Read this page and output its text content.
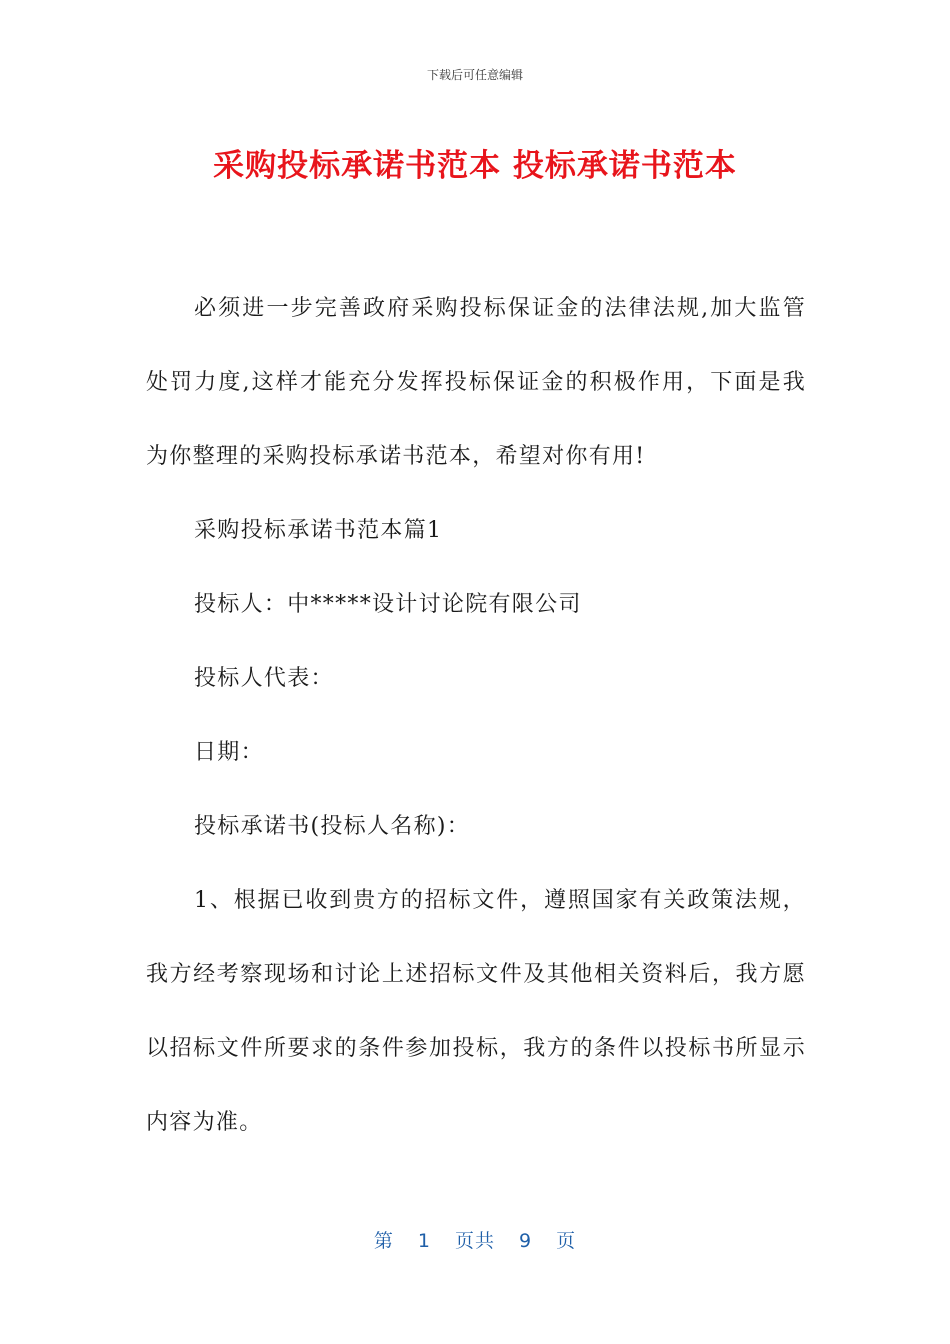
下载后可任意编辑
采购投标承诺书范本 投标承诺书范本

必须进一步完善政府采购投标保证金的法律法规,加大监管处罚力度,这样才能充分发挥投标保证金的积极作用，下面是我为你整理的采购投标承诺书范本，希望对你有用!

采购投标承诺书范本篇1

投标人：中*****设计讨论院有限公司

投标人代表：

日期：

投标承诺书(投标人名称)：

1、根据已收到贵方的招标文件，遵照国家有关政策法规，我方经考察现场和讨论上述招标文件及其他相关资料后，我方愿以招标文件所要求的条件参加投标，我方的条件以投标书所显示内容为准。

第 1 页共 9 页
